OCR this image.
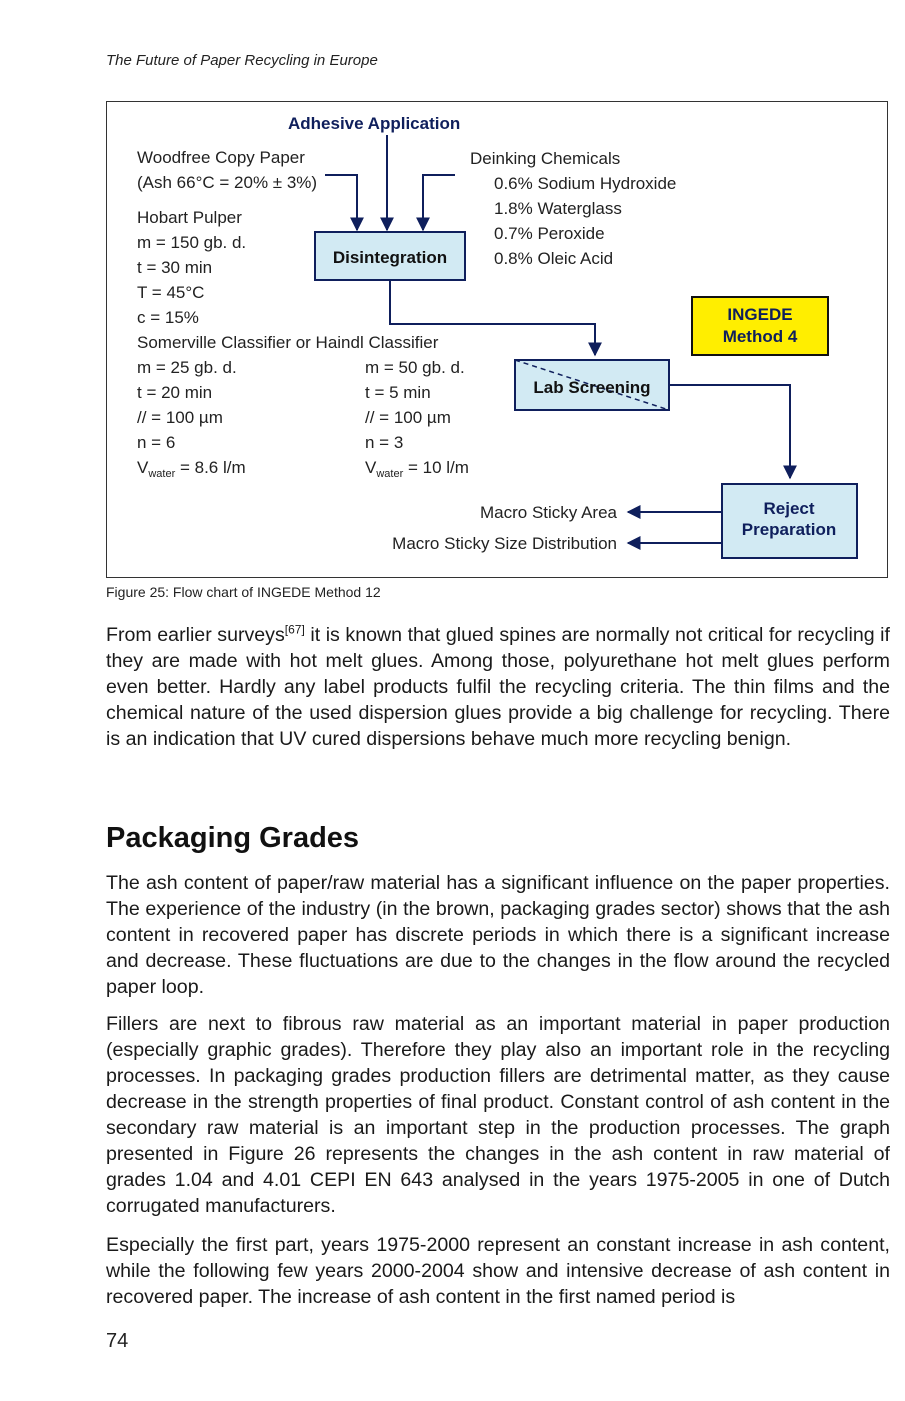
The Future of Paper Recycling in Europe
Adhesive Application
Woodfree Copy Paper
(Ash 66°C = 20% ± 3%)
Hobart Pulper
m = 150 gb. d.
t = 30 min
T = 45°C
c = 15%
Somerville Classifier or Haindl Classifier
m = 25 gb. d.
t = 20 min
// = 100 µm
n = 6
$V_{water} = 8.6$ l/m
m = 50 gb. d.
t = 5 min
// = 100 µm
n = 3
$V_{water} = 10$ l/m
Deinking Chemicals
0.6% Sodium Hydroxide
1.8% Waterglass
0.7% Peroxide
0.8% Oleic Acid
Disintegration
Lab Screening
INGEDE
Method 4
Reject
Preparation
Macro Sticky Area
Macro Sticky Size Distribution
Figure 25: Flow chart of INGEDE Method 12

From earlier surveys[67] it is known that glued spines are normally not critical for recycling if they are made with hot melt glues. Among those, polyurethane hot melt glues perform even better. Hardly any label products fulfil the recycling criteria. The thin films and the chemical nature of the used dispersion glues provide a big challenge for recycling. There is an indication that UV cured dispersions behave much more recycling benign.

Packaging Grades

The ash content of paper/raw material has a significant influence on the paper properties. The experience of the industry (in the brown, packaging grades sector) shows that the ash content in recovered paper has discrete periods in which there is a significant increase and decrease. These fluctuations are due to the changes in the flow around the recycled paper loop.

Fillers are next to fibrous raw material as an important material in paper production (especially graphic grades). Therefore they play also an important role in the recycling processes. In packaging grades production fillers are detrimental matter, as they cause decrease in the strength properties of final product. Constant control of ash content in the secondary raw material is an important step in the production processes. The graph presented in Figure 26 represents the changes in the ash content in raw material of grades 1.04 and 4.01 CEPI EN 643 analysed in the years 1975-2005 in one of Dutch corrugated manufacturers.

Especially the first part, years 1975-2000 represent an constant increase in ash content, while the following few years 2000-2004 show and intensive decrease of ash content in recovered paper. The increase of ash content in the first named period is

74
